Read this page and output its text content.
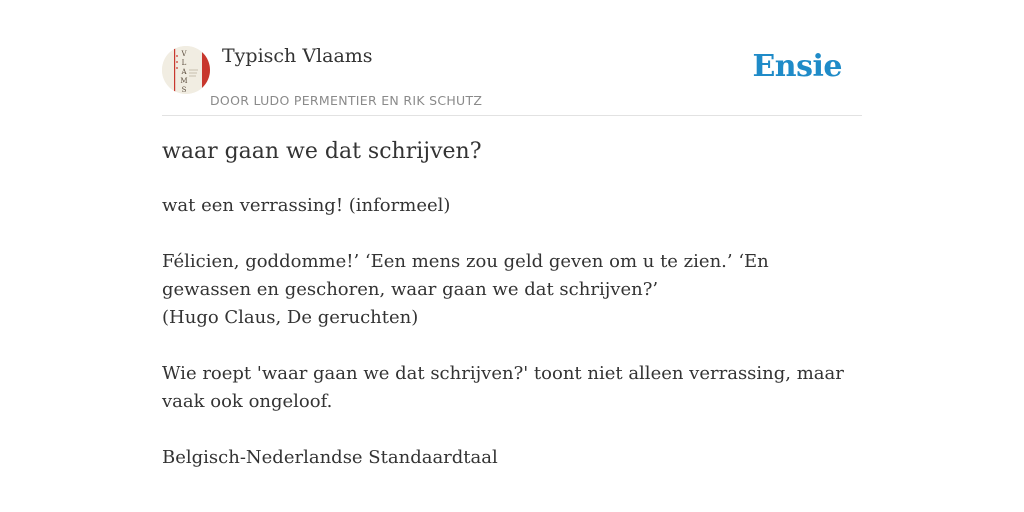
V
L
A
M
S
Typisch Vlaams
DOOR LUDO PERMENTIER EN RIK SCHUTZ
Ensie
waar gaan we dat schrijven?

wat een verrassing! (informeel)

Félicien, goddomme!’ ‘Een mens zou geld geven om u te zien.’ ‘En gewassen en geschoren, waar gaan we dat schrijven?’
(Hugo Claus, De geruchten)

Wie roept 'waar gaan we dat schrijven?' toont niet alleen verrassing, maar vaak ook ongeloof.

Belgisch-Nederlandse Standaardtaal
